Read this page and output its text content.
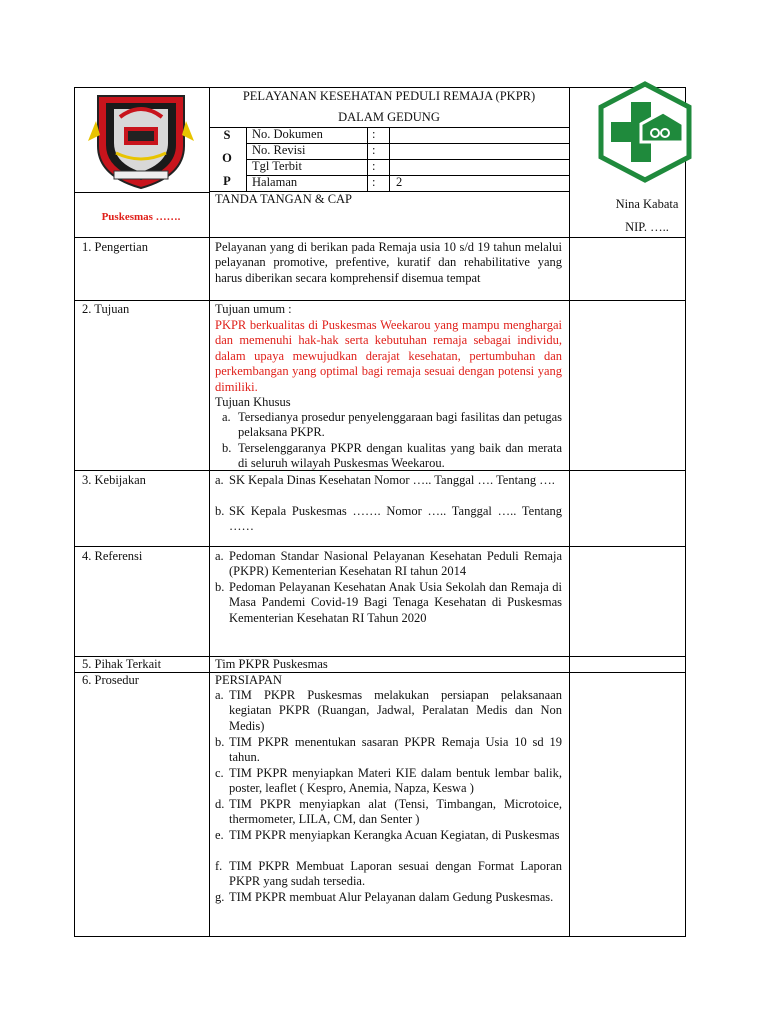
Puskesmas …….
PELAYANAN KESEHATAN PEDULI REMAJA (PKPR)
DALAM GEDUNG
S
O
P
No. Dokumen	:
No. Revisi	:
Tgl Terbit	:
Halaman	: 2
TANDA TANGAN & CAP	Nina Kabata
NIP. …..
1. Pengertian	Pelayanan yang di berikan pada Remaja usia 10 s/d 19 tahun melalui pelayanan promotive, prefentive, kuratif dan rehabilitative yang harus diberikan secara komprehensif disemua tempat
2. Tujuan	Tujuan umum :
PKPR berkualitas di Puskesmas Weekarou yang mampu menghargai dan memenuhi hak-hak serta kebutuhan remaja sebagai individu, dalam upaya mewujudkan derajat kesehatan, pertumbuhan dan perkembangan yang optimal bagi remaja sesuai dengan potensi yang dimiliki.
Tujuan Khusus
a. Tersedianya prosedur penyelenggaraan bagi fasilitas dan petugas pelaksana PKPR.
b. Terselenggaranya PKPR dengan kualitas yang baik dan merata di seluruh wilayah Puskesmas Weekarou.
3. Kebijakan	a. SK Kepala Dinas Kesehatan Nomor ….. Tanggal …. Tentang ….
b. SK Kepala Puskesmas ……. Nomor ….. Tanggal ….. Tentang ……
4. Referensi	a. Pedoman Standar Nasional Pelayanan Kesehatan Peduli Remaja (PKPR) Kementerian Kesehatan RI tahun 2014
b. Pedoman Pelayanan Kesehatan Anak Usia Sekolah dan Remaja di Masa Pandemi Covid-19 Bagi Tenaga Kesehatan di Puskesmas Kementerian Kesehatan RI Tahun 2020
5. Pihak Terkait	Tim PKPR Puskesmas
6. Prosedur	PERSIAPAN
a. TIM PKPR Puskesmas melakukan persiapan pelaksanaan kegiatan PKPR (Ruangan, Jadwal, Peralatan Medis dan Non Medis)
b. TIM PKPR menentukan sasaran PKPR Remaja Usia 10 sd 19 tahun.
c. TIM PKPR menyiapkan Materi KIE dalam bentuk lembar balik, poster, leaflet ( Kespro, Anemia, Napza, Keswa )
d. TIM PKPR menyiapkan alat (Tensi, Timbangan, Microtoice, thermometer, LILA, CM, dan Senter )
e. TIM PKPR menyiapkan Kerangka Acuan Kegiatan, di Puskesmas
f. TIM PKPR Membuat Laporan sesuai dengan Format Laporan PKPR yang sudah tersedia.
g. TIM PKPR membuat Alur Pelayanan dalam Gedung Puskesmas.
